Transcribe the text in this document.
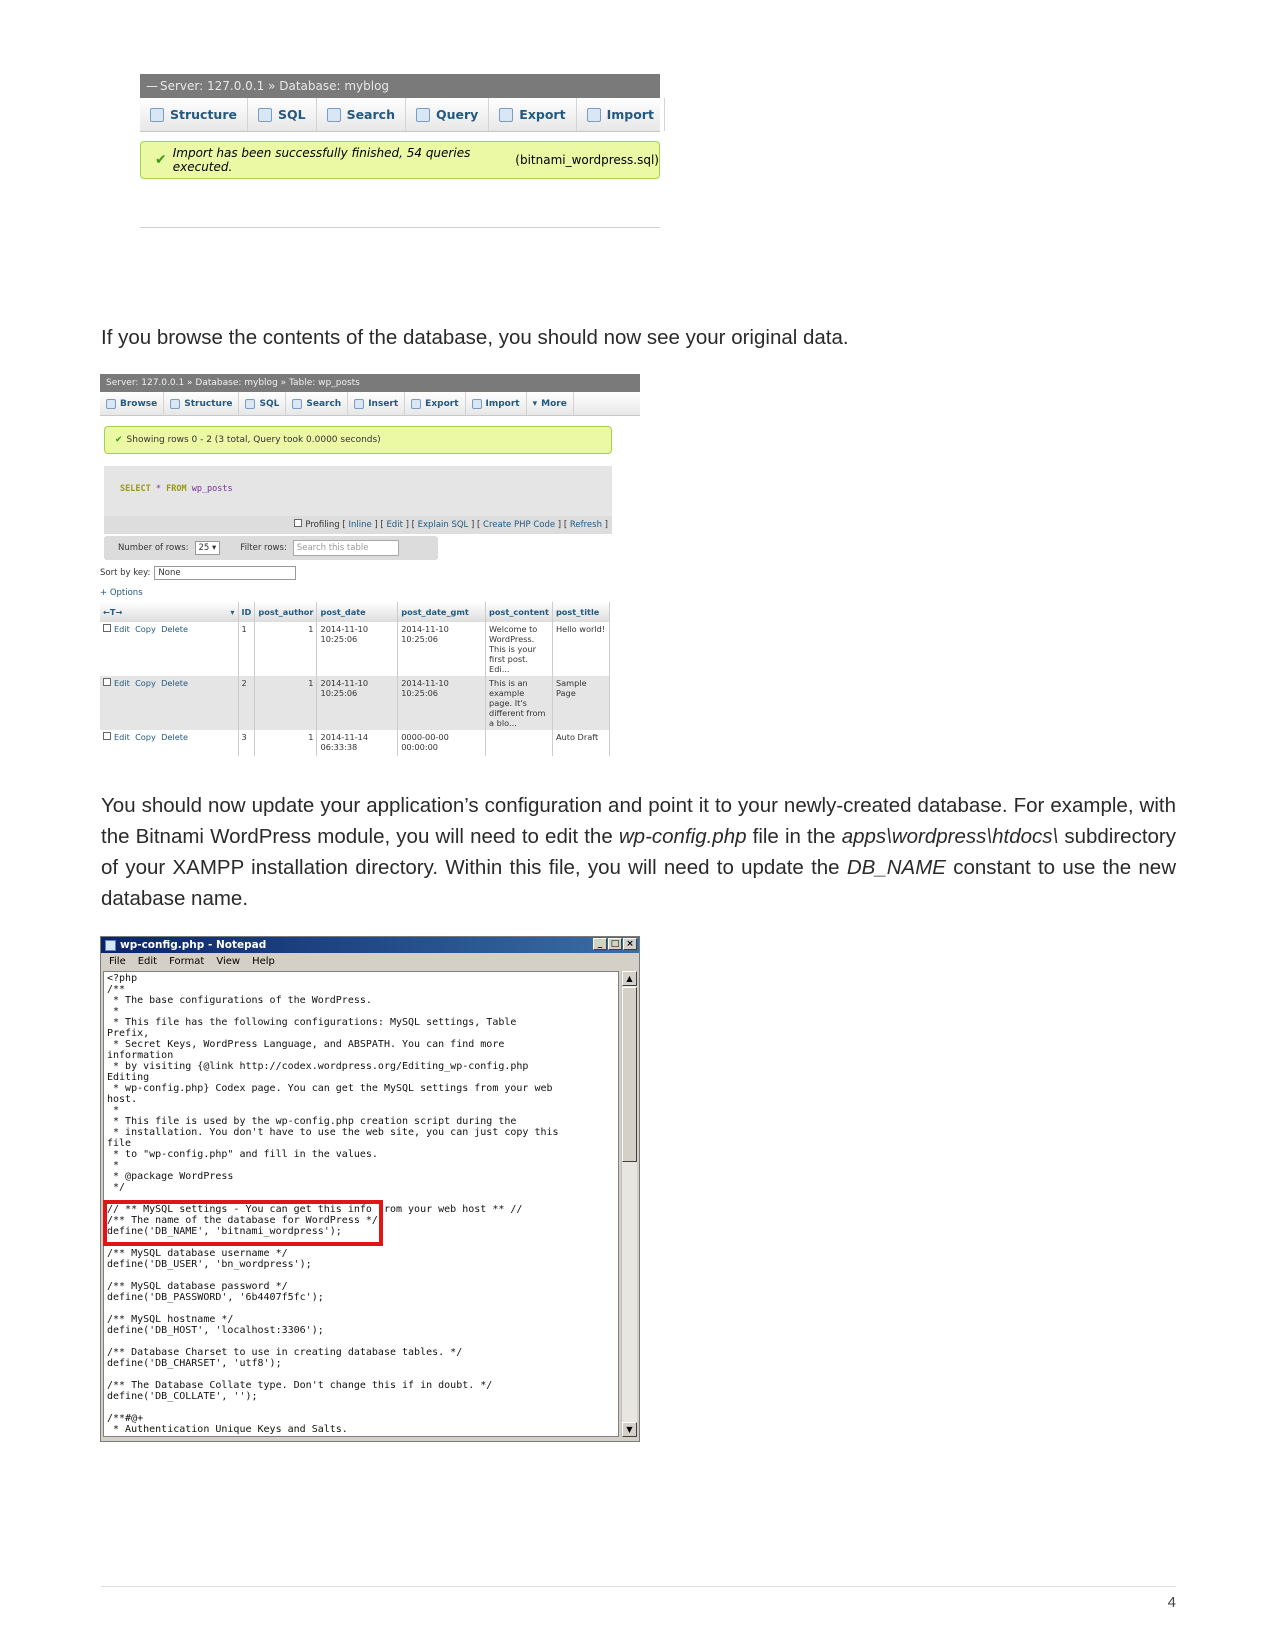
— Server: 127.0.0.1 » Database: myblog
Structure	SQL	Search	Query	Export	Import
✔ Import has been successfully finished, 54 queries executed.
	(bitnami_wordpress.sql)

If you browse the contents of the database, you should now see your original data.

Server: 127.0.0.1 » Database: myblog » Table: wp_posts
Browse	Structure	SQL	Search	Insert	Export	Import ▾ More
✔ Showing rows 0 - 2 (3 total, Query took 0.0000 seconds)
SELECT * FROM wp_posts
Profiling [ Inline ] [ Edit ] [ Explain SQL ] [ Create PHP Code ] [ Refresh ]
Number of rows:	25 ▾	Filter rows:	Search this table
Sort by key: None
+ Options
←T→ ▾	ID	post_author	post_date	post_date_gmt	post_content	post_title
Edit Copy Delete	1	1	2014-11-10 10:25:06	2014-11-10 10:25:06	Welcome to WordPress. This is your first post. Edi...	Hello world!
Edit Copy Delete	2	1	2014-11-10 10:25:06	2014-11-10 10:25:06	This is an example page. It's different from a blo...	Sample Page
Edit Copy Delete	3	1	2014-11-14 06:33:38	0000-00-00 00:00:00		Auto Draft

You should now update your application’s configuration and point it to your newly-created database. For example, with the Bitnami WordPress module, you will need to edit the wp-config.php file in the apps\wordpress\htdocs\ subdirectory of your XAMPP installation directory. Within this file, you will need to update the DB_NAME constant to use the new database name.

wp-config.php - Notepad	_ □ ×
File Edit Format View Help
<?php
/**
* The base configurations of the WordPress.
*
* This file has the following configurations: MySQL settings, Table
Prefix,
* Secret Keys, WordPress Language, and ABSPATH. You can find more
information
* by visiting {@link http://codex.wordpress.org/Editing_wp-config.php
Editing
* wp-config.php} Codex page. You can get the MySQL settings from your web
host.
*
* This file is used by the wp-config.php creation script during the
* installation. You don't have to use the web site, you can just copy this
file
* to "wp-config.php" and fill in the values.
*
* @package WordPress
*/

// ** MySQL settings - You can get this info from your web host ** //
/** The name of the database for WordPress */
define('DB_NAME', 'bitnami_wordpress');

/** MySQL database username */
define('DB_USER', 'bn_wordpress');

/** MySQL database password */
define('DB_PASSWORD', '6b4407f5fc');

/** MySQL hostname */
define('DB_HOST', 'localhost:3306');

/** Database Charset to use in creating database tables. */
define('DB_CHARSET', 'utf8');

/** The Database Collate type. Don't change this if in doubt. */
define('DB_COLLATE', '');

/**#@+
* Authentication Unique Keys and Salts.
▲
▼
4
